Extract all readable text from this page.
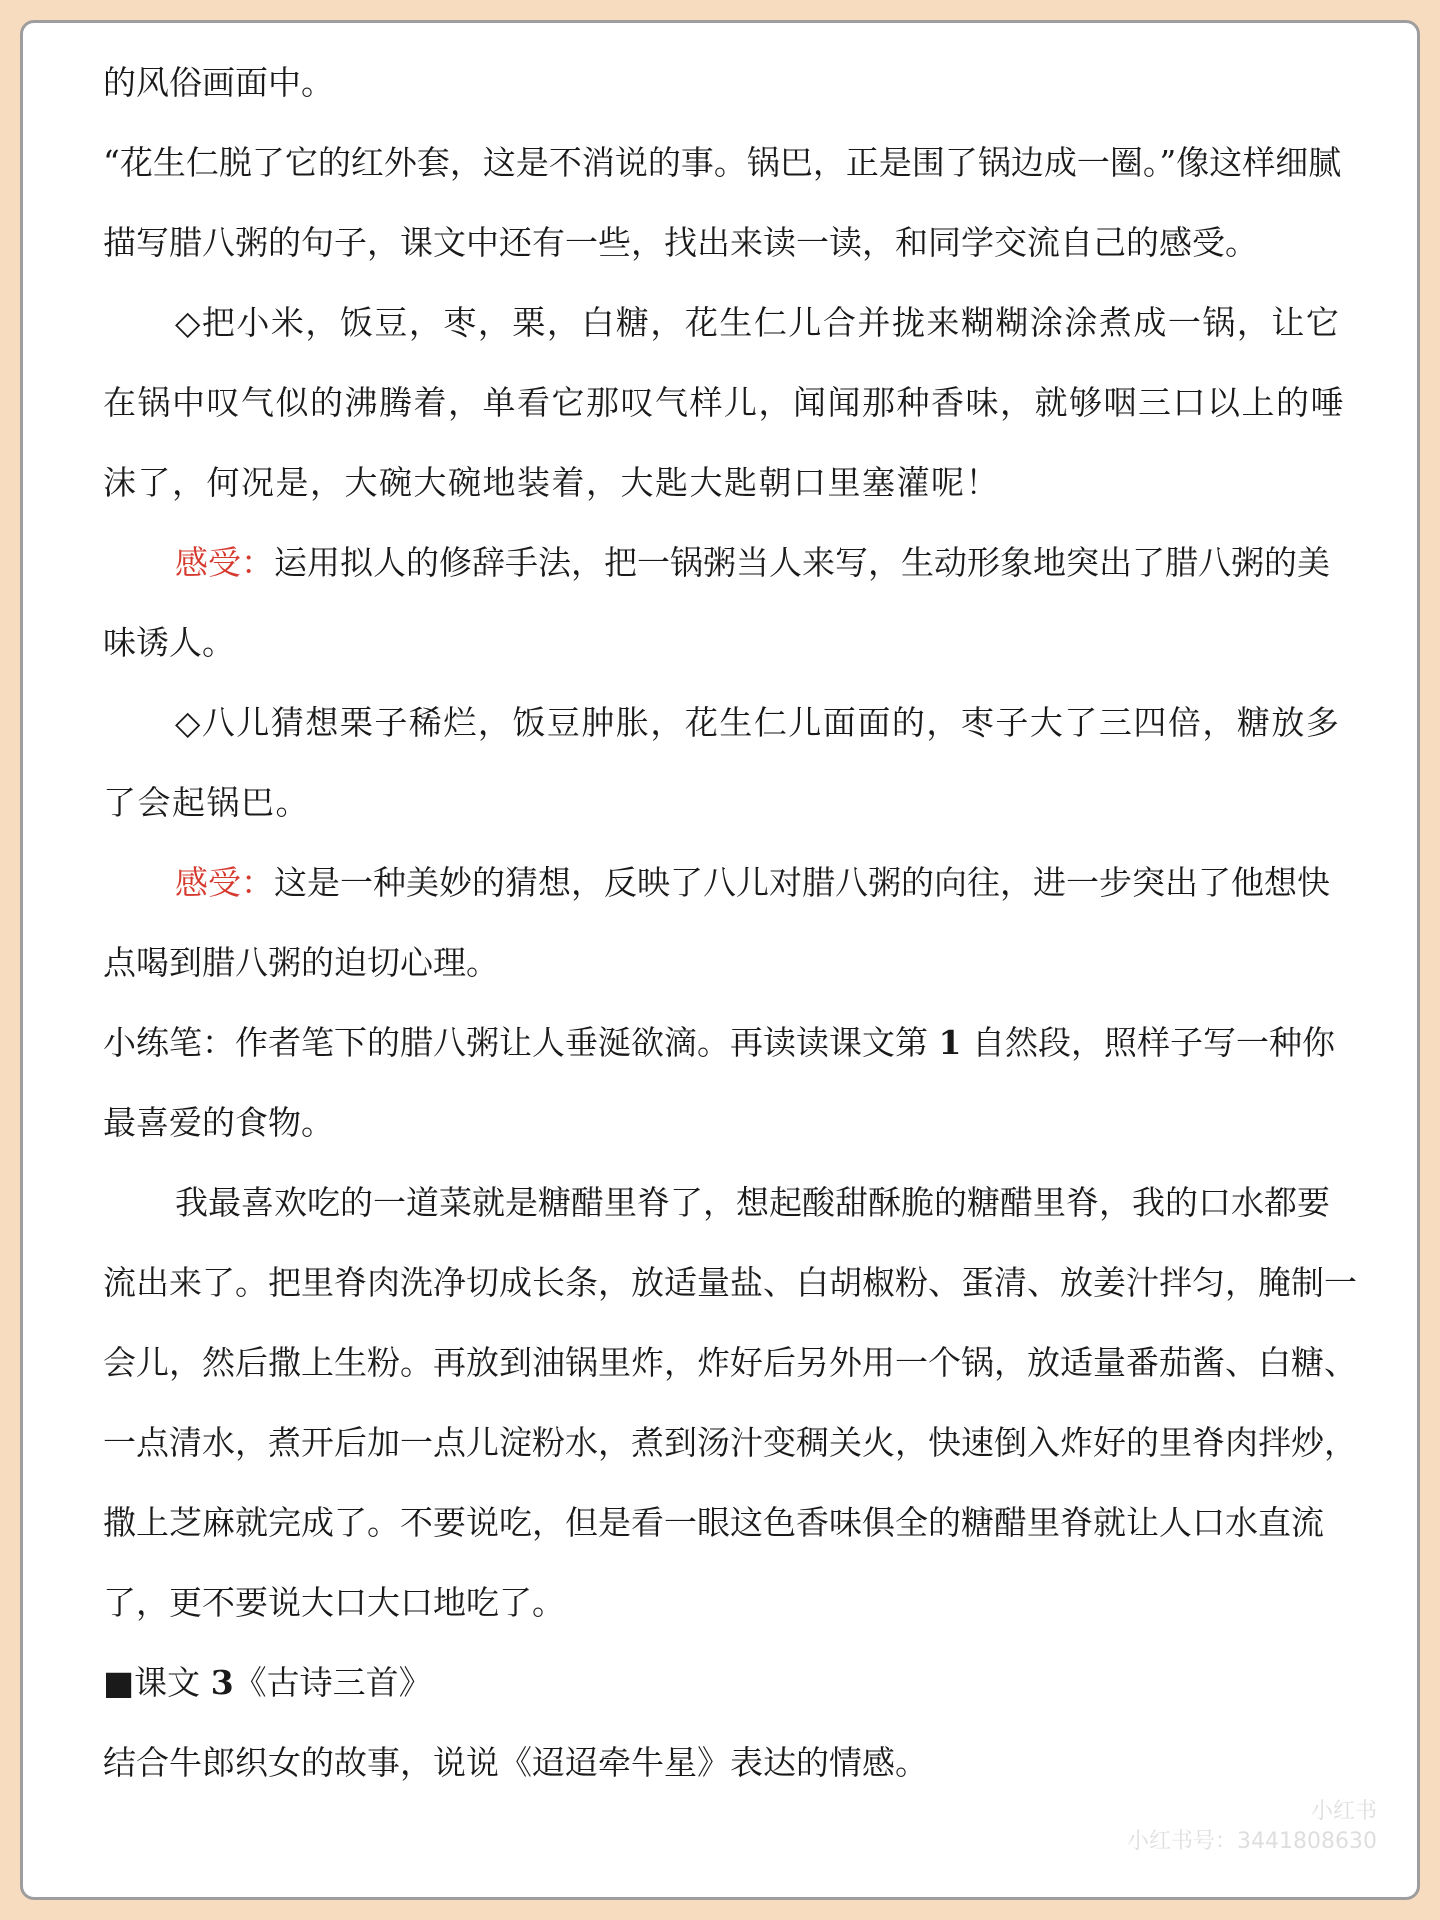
的风俗画面中。

“花生仁脱了它的红外套，这是不消说的事。锅巴，正是围了锅边成一圈。”像这样细腻描写腊八粥的句子，课文中还有一些，找出来读一读，和同学交流自己的感受。

◇把小米，饭豆，枣，栗，白糖，花生仁儿合并拢来糊糊涂涂煮成一锅，让它在锅中叹气似的沸腾着，单看它那叹气样儿，闻闻那种香味，就够咽三口以上的唾沫了，何况是，大碗大碗地装着，大匙大匙朝口里塞灌呢！

感受：运用拟人的修辞手法，把一锅粥当人来写，生动形象地突出了腊八粥的美味诱人。

◇八儿猜想栗子稀烂，饭豆肿胀，花生仁儿面面的，枣子大了三四倍，糖放多了会起锅巴。

感受：这是一种美妙的猜想，反映了八儿对腊八粥的向往，进一步突出了他想快点喝到腊八粥的迫切心理。

小练笔：作者笔下的腊八粥让人垂涎欲滴。再读读课文第 1 自然段，照样子写一种你最喜爱的食物。

我最喜欢吃的一道菜就是糖醋里脊了，想起酸甜酥脆的糖醋里脊，我的口水都要流出来了。把里脊肉洗净切成长条，放适量盐、白胡椒粉、蛋清、放姜汁拌匀，腌制一会儿，然后撒上生粉。再放到油锅里炸，炸好后另外用一个锅，放适量番茄酱、白糖、一点清水，煮开后加一点儿淀粉水，煮到汤汁变稠关火，快速倒入炸好的里脊肉拌炒，撒上芝麻就完成了。不要说吃，但是看一眼这色香味俱全的糖醋里脊就让人口水直流了，更不要说大口大口地吃了。

■课文 3《古诗三首》

结合牛郎织女的故事，说说《迢迢牵牛星》表达的情感。

小红书
小红书号：3441808630
